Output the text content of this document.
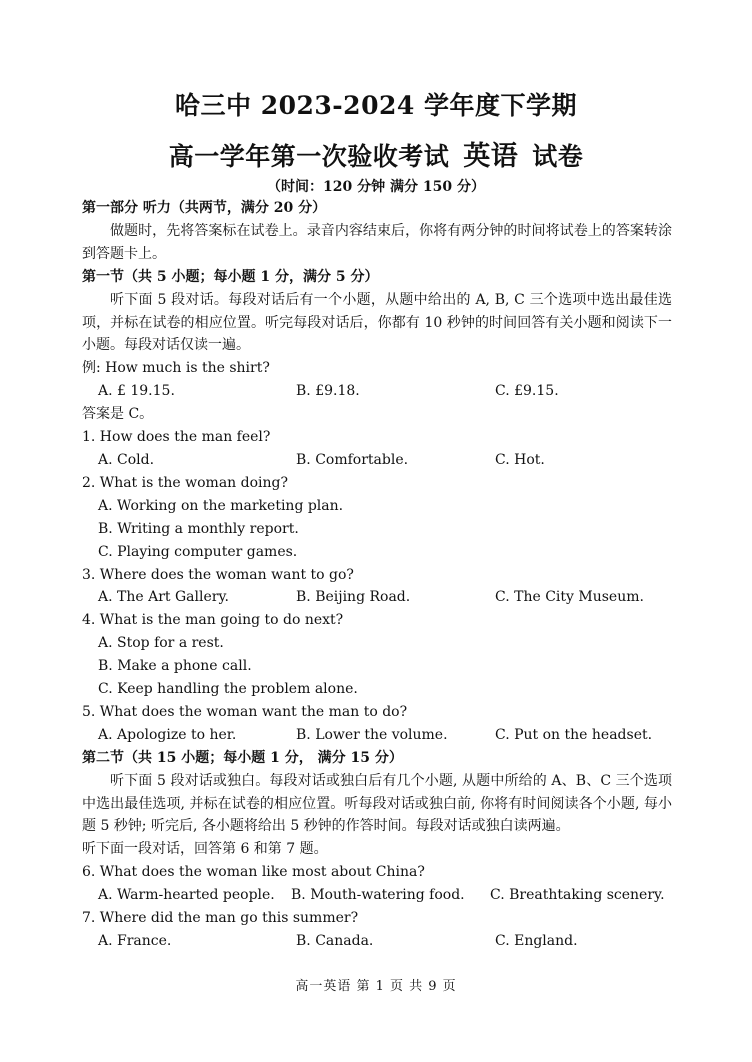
哈三中 2023-2024 学年度下学期
高一学年第一次验收考试 英语 试卷
（时间：120 分钟 满分 150 分）

第一部分 听力（共两节，满分 20 分）

做题时，先将答案标在试卷上。录音内容结束后，你将有两分钟的时间将试卷上的答案转涂到答题卡上。

第一节（共 5 小题；每小题 1 分，满分 5 分）

听下面 5 段对话。每段对话后有一个小题，从题中给出的 A, B, C 三个选项中选出最佳选项，并标在试卷的相应位置。听完每段对话后，你都有 10 秒钟的时间回答有关小题和阅读下一小题。每段对话仅读一遍。

例: How much is the shirt?

A. £ 19.15.	B. £9.18.	C. £9.15.

答案是 C。

1. How does the man feel?

A. Cold.	B. Comfortable.	C. Hot.

2. What is the woman doing?

A. Working on the marketing plan.

B. Writing a monthly report.

C. Playing computer games.

3. Where does the woman want to go?

A. The Art Gallery.	B. Beijing Road.	C. The City Museum.

4. What is the man going to do next?

A. Stop for a rest.

B. Make a phone call.

C. Keep handling the problem alone.

5. What does the woman want the man to do?

A. Apologize to her.	B. Lower the volume.	C. Put on the headset.

第二节（共 15 小题；每小题 1 分， 满分 15 分）

听下面 5 段对话或独白。每段对话或独白后有几个小题, 从题中所给的 A、B、C 三个选项中选出最佳选项, 并标在试卷的相应位置。听每段对话或独白前, 你将有时间阅读各个小题, 每小题 5 秒钟; 听完后, 各小题将给出 5 秒钟的作答时间。每段对话或独白读两遍。

听下面一段对话，回答第 6 和第 7 题。

6. What does the woman like most about China?

A. Warm-hearted people.	B. Mouth-watering food.	C. Breathtaking scenery.

7. Where did the man go this summer?

A. France.	B. Canada.	C. England.
高一英语 第 1 页 共 9 页
